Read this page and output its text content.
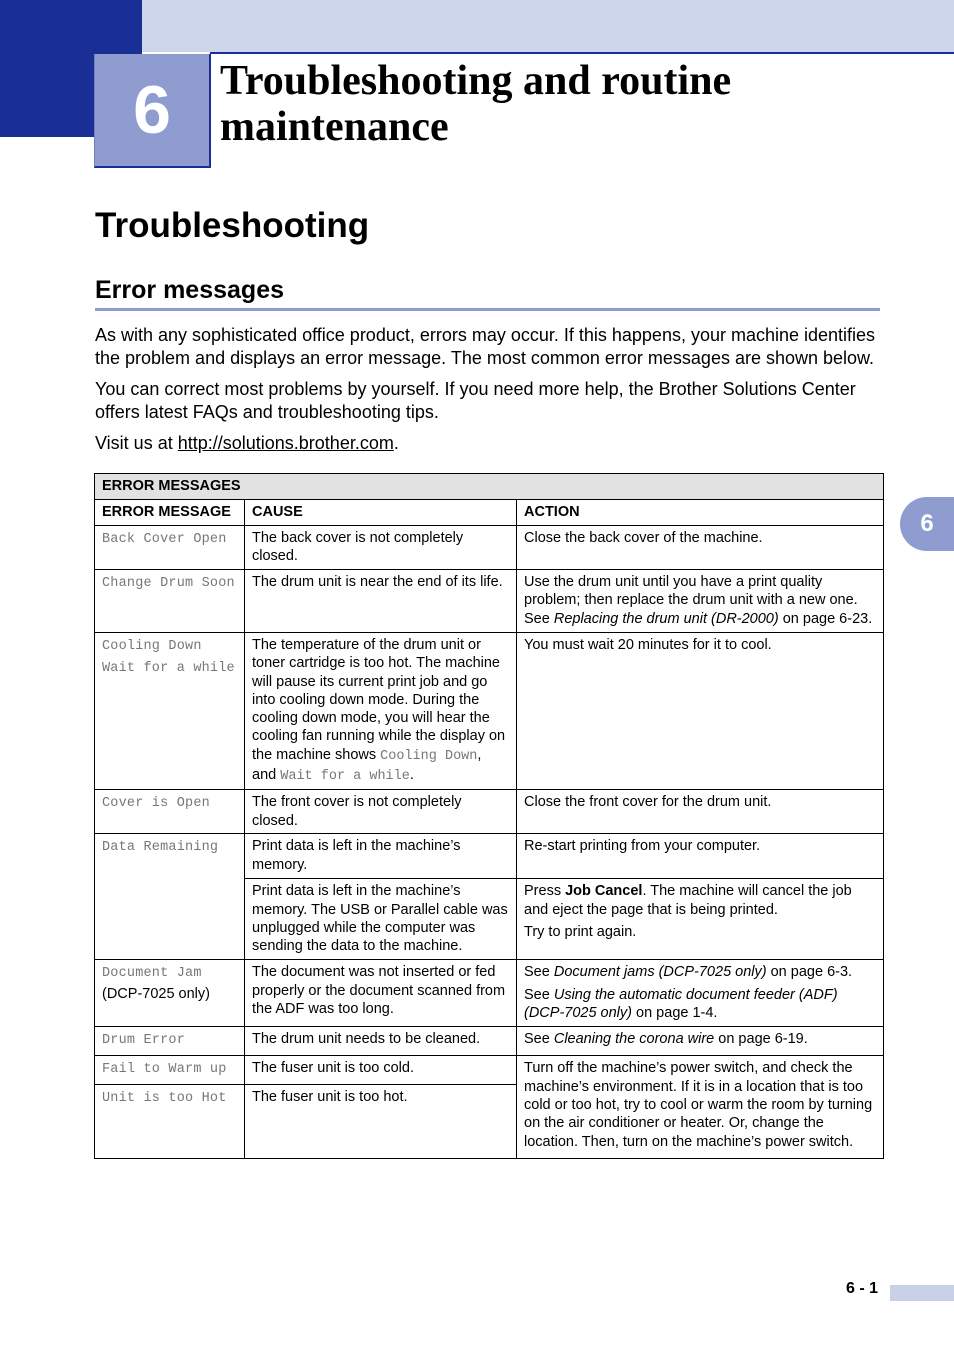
6	Troubleshooting and routine maintenance
Troubleshooting
Error messages
As with any sophisticated office product, errors may occur. If this happens, your machine identifies the problem and displays an error message. The most common error messages are shown below.
You can correct most problems by yourself. If you need more help, the Brother Solutions Center offers latest FAQs and troubleshooting tips.
Visit us at http://solutions.brother.com.
6
ERROR MESSAGES		
ERROR MESSAGE	CAUSE	ACTION

Back Cover Open	The back cover is not completely closed.	Close the back cover of the machine.

Change Drum Soon	The drum unit is near the end of its life.	Use the drum unit until you have a print quality problem; then replace the drum unit with a new one. See Replacing the drum unit (DR-2000) on page 6-23.

Cooling Down
Wait for a while	The temperature of the drum unit or toner cartridge is too hot. The machine will pause its current print job and go into cooling down mode. During the cooling down mode, you will hear the cooling fan running while the display on the machine shows Cooling Down, and Wait for a while.	You must wait 20 minutes for it to cool.

Cover is Open	The front cover is not completely closed.	Close the front cover for the drum unit.

Data Remaining	Print data is left in the machine’s memory.	Re-start printing from your computer.
	Print data is left in the machine’s memory. The USB or Parallel cable was unplugged while the computer was sending the data to the machine.	Press Job Cancel. The machine will cancel the job and eject the page that is being printed.
Try to print again.

Document Jam
(DCP-7025 only)	The document was not inserted or fed properly or the document scanned from the ADF was too long.	See Document jams (DCP-7025 only) on page 6-3.
See Using the automatic document feeder (ADF) (DCP-7025 only) on page 1-4.

Drum Error	The drum unit needs to be cleaned.	See Cleaning the corona wire on page 6-19.

Fail to Warm up	The fuser unit is too cold.	Turn off the machine’s power switch, and check the machine’s environment. If it is in a location that is too cold or too hot, try to cool or warm the room by turning on the air conditioner or heater. Or, change the location. Then, turn on the machine’s power switch.

Unit is too Hot	The fuser unit is too hot.	
6 - 1
